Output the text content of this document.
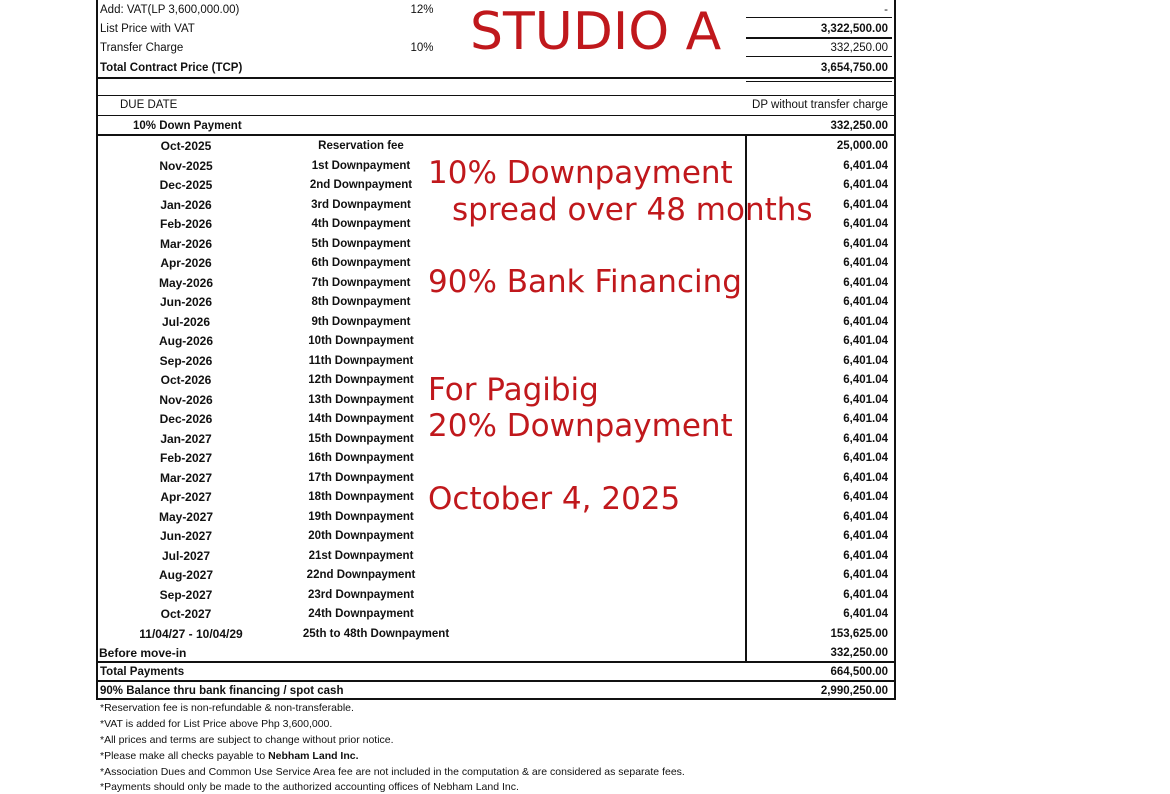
Add: VAT(LP 3,600,000.00)	12%	-
List Price with VAT	3,322,500.00
Transfer Charge	10%	332,250.00
Total Contract Price (TCP)	3,654,750.00
DUE DATE	DP without transfer charge
10% Down Payment	332,250.00
Oct-2025	Reservation fee	25,000.00
Nov-2025	1st Downpayment	6,401.04
Dec-2025	2nd Downpayment	6,401.04
Jan-2026	3rd Downpayment	6,401.04
Feb-2026	4th Downpayment	6,401.04
Mar-2026	5th Downpayment	6,401.04
Apr-2026	6th Downpayment	6,401.04
May-2026	7th Downpayment	6,401.04
Jun-2026	8th Downpayment	6,401.04
Jul-2026	9th Downpayment	6,401.04
Aug-2026	10th Downpayment	6,401.04
Sep-2026	11th Downpayment	6,401.04
Oct-2026	12th Downpayment	6,401.04
Nov-2026	13th Downpayment	6,401.04
Dec-2026	14th Downpayment	6,401.04
Jan-2027	15th Downpayment	6,401.04
Feb-2027	16th Downpayment	6,401.04
Mar-2027	17th Downpayment	6,401.04
Apr-2027	18th Downpayment	6,401.04
May-2027	19th Downpayment	6,401.04
Jun-2027	20th Downpayment	6,401.04
Jul-2027	21st Downpayment	6,401.04
Aug-2027	22nd Downpayment	6,401.04
Sep-2027	23rd Downpayment	6,401.04
Oct-2027	24th Downpayment	6,401.04
11/04/27 - 10/04/29	25th to 48th Downpayment	153,625.00
Before move-in	332,250.00
Total Payments	664,500.00
90% Balance thru bank financing / spot cash	2,990,250.00
*Reservation fee is non-refundable & non-transferable.
*VAT is added for List Price above Php 3,600,000.
*All prices and terms are subject to change without prior notice.
*Please make all checks payable to Nebham Land Inc.
*Association Dues and Common Use Service Area fee are not included in the computation & are considered as separate fees.
*Payments should only be made to the authorized accounting offices of Nebham Land Inc.
STUDIO A
10% Downpayment
spread over 48 months
90% Bank Financing
For Pagibig
20% Downpayment
October 4, 2025
